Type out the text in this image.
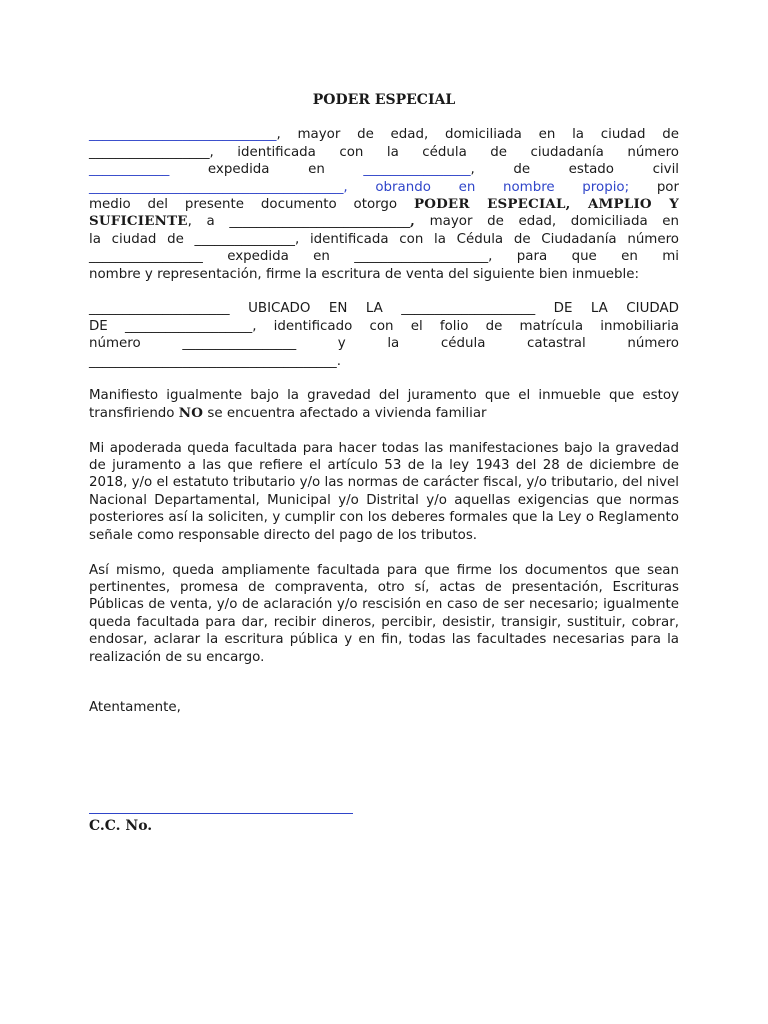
PODER ESPECIAL

____________________________, mayor de edad, domiciliada en la ciudad de
__________________, identificada con la cédula de ciudadanía número
____________	expedida en	________________, de estado civil
______________________________________, obrando en nombre propio; por
medio del presente documento otorgo PODER ESPECIAL, AMPLIO Y
SUFICIENTE, a ___________________________, mayor de edad, domiciliada en
la ciudad de _______________, identificada con la Cédula de Ciudadanía número
_________________ expedida en ____________________, para que en mi
nombre y representación, firme la escritura de venta del siguiente bien inmueble:

_____________________ UBICADO EN LA ____________________ DE LA CIUDAD
DE ___________________, identificado con el folio de matrícula inmobiliaria
número	_________________	y la cédula catastral número
_____________________________________.

Manifiesto igualmente bajo la gravedad del juramento que el inmueble que estoy transfiriendo NO se encuentra afectado a vivienda familiar

Mi apoderada queda facultada para hacer todas las manifestaciones bajo la gravedad de juramento a las que refiere el artículo 53 de la ley 1943 del 28 de diciembre de 2018, y/o el estatuto tributario y/o las normas de carácter fiscal, y/o tributario, del nivel Nacional Departamental, Municipal y/o Distrital y/o aquellas exigencias que normas posteriores así la soliciten, y cumplir con los deberes formales que la Ley o Reglamento señale como responsable directo del pago de los tributos.

Así mismo, queda ampliamente facultada para que firme los documentos que sean pertinentes, promesa de compraventa, otro sí, actas de presentación, Escrituras Públicas de venta, y/o de aclaración y/o rescisión en caso de ser necesario; igualmente queda facultada para dar, recibir dineros, percibir, desistir, transigir, sustituir, cobrar, endosar, aclarar la escritura pública y en fin, todas las facultades necesarias para la realización de su encargo.

Atentamente,

C.C. No.
